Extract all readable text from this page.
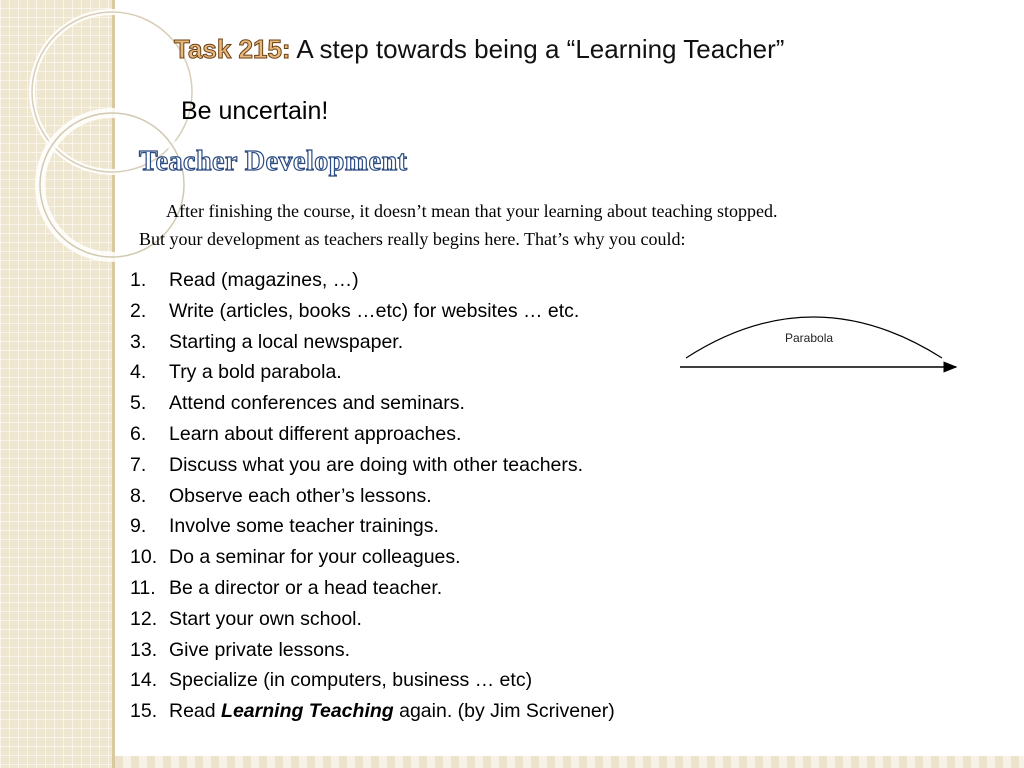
Task 215: A step towards being a “Learning Teacher”
Be uncertain!
Teacher Development

After finishing the course, it doesn’t mean that your learning about teaching stopped.

But your development as teachers really begins here. That’s why you could:

1.	Read (magazines, …)
2.	Write (articles, books …etc) for websites … etc.
3.	Starting a local newspaper.
4.	Try a bold parabola.
5.	Attend conferences and seminars.
6.	Learn about different approaches.
7.	Discuss what you are doing with other teachers.
8.	Observe each other’s lessons.
9.	Involve some teacher trainings.
10. Do a seminar for your colleagues.
11. Be a director or a head teacher.
12. Start your own school.
13. Give private lessons.
14. Specialize (in computers, business … etc)
15. Read Learning Teaching again. (by Jim Scrivener)
Parabola
